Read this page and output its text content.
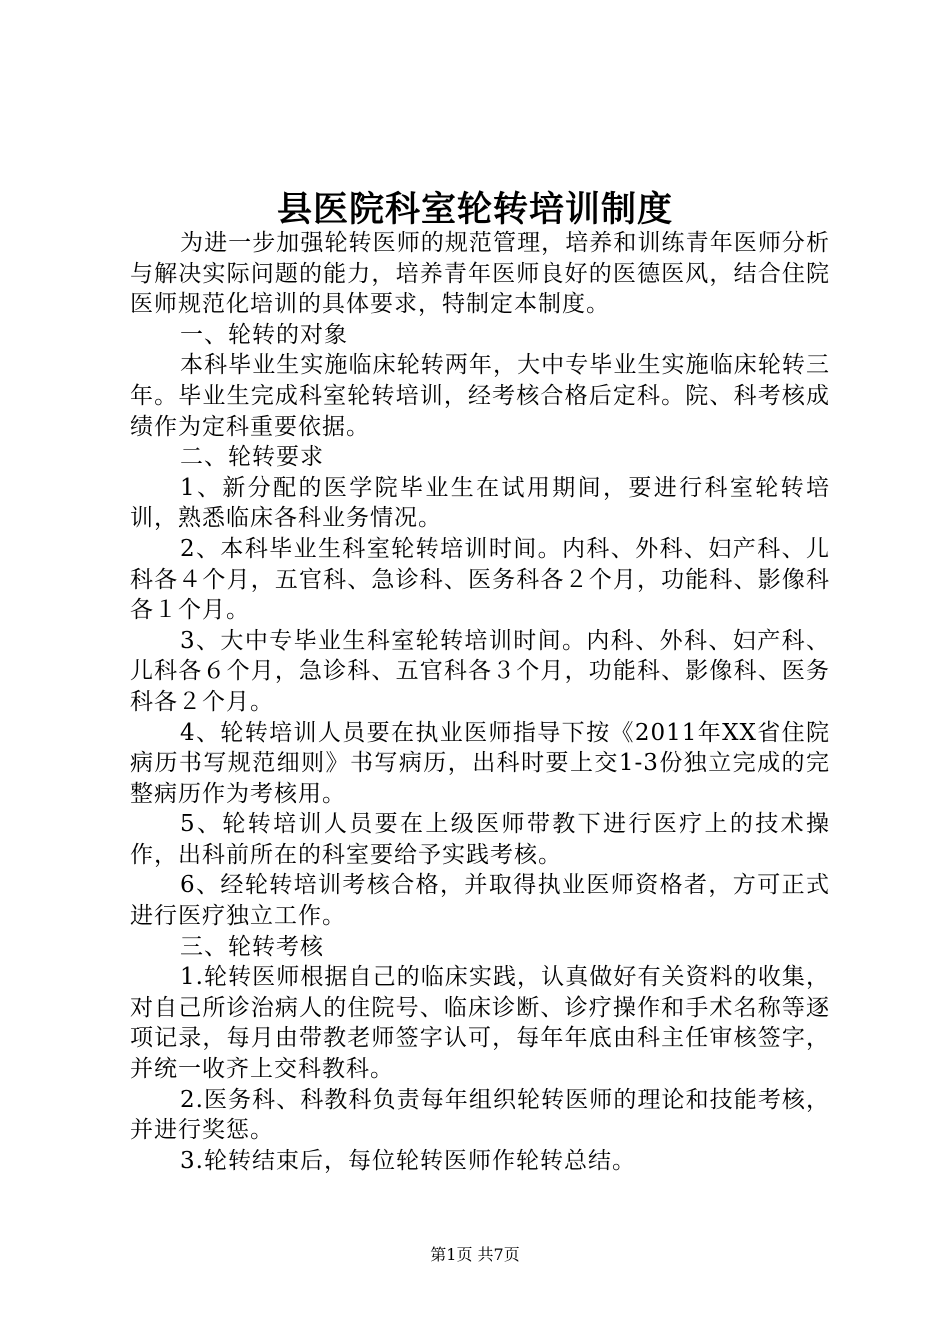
县医院科室轮转培训制度

为进一步加强轮转医师的规范管理，培养和训练青年医师分析与解决实际问题的能力，培养青年医师良好的医德医风，结合住院医师规范化培训的具体要求，特制定本制度。

一、轮转的对象

本科毕业生实施临床轮转两年，大中专毕业生实施临床轮转三年。毕业生完成科室轮转培训，经考核合格后定科。院、科考核成绩作为定科重要依据。

二、轮转要求

1、新分配的医学院毕业生在试用期间，要进行科室轮转培训，熟悉临床各科业务情况。

2、本科毕业生科室轮转培训时间。内科、外科、妇产科、儿科各４个月，五官科、急诊科、医务科各２个月，功能科、影像科各１个月。

3、大中专毕业生科室轮转培训时间。内科、外科、妇产科、儿科各６个月，急诊科、五官科各３个月，功能科、影像科、医务科各２个月。

4、轮转培训人员要在执业医师指导下按《2011年XX省住院病历书写规范细则》书写病历，出科时要上交1-3份独立完成的完整病历作为考核用。

5、轮转培训人员要在上级医师带教下进行医疗上的技术操作，出科前所在的科室要给予实践考核。

6、经轮转培训考核合格，并取得执业医师资格者，方可正式进行医疗独立工作。

三、轮转考核

1.轮转医师根据自己的临床实践，认真做好有关资料的收集，对自己所诊治病人的住院号、临床诊断、诊疗操作和手术名称等逐项记录，每月由带教老师签字认可，每年年底由科主任审核签字，并统一收齐上交科教科。

2.医务科、科教科负责每年组织轮转医师的理论和技能考核，并进行奖惩。

3.轮转结束后，每位轮转医师作轮转总结。

第1页 共7页
